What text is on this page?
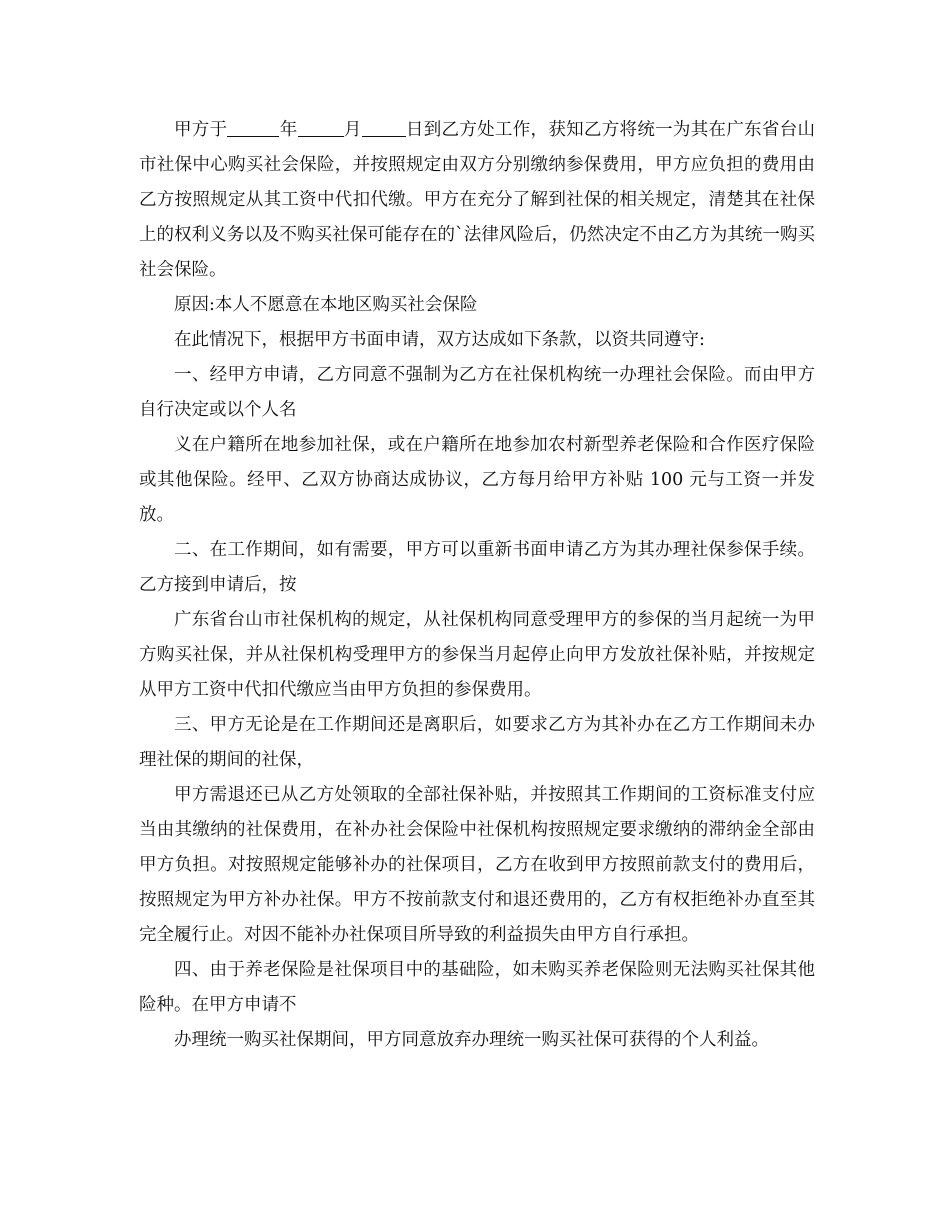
甲方于	年	月	日到乙方处工作，获知乙方将统一为其在广东省台山市社保中心购买社会保险，并按照规定由双方分别缴纳参保费用，甲方应负担的费用由乙方按照规定从其工资中代扣代缴。甲方在充分了解到社保的相关规定，清楚其在社保上的权利义务以及不购买社保可能存在的`法律风险后，仍然决定不由乙方为其统一购买社会保险。

原因:本人不愿意在本地区购买社会保险

在此情况下，根据甲方书面申请，双方达成如下条款，以资共同遵守:

一、经甲方申请，乙方同意不强制为乙方在社保机构统一办理社会保险。而由甲方自行决定或以个人名

义在户籍所在地参加社保，或在户籍所在地参加农村新型养老保险和合作医疗保险或其他保险。经甲、乙双方协商达成协议，乙方每月给甲方补贴 100 元与工资一并发放。

二、在工作期间，如有需要，甲方可以重新书面申请乙方为其办理社保参保手续。乙方接到申请后，按

广东省台山市社保机构的规定，从社保机构同意受理甲方的参保的当月起统一为甲方购买社保，并从社保机构受理甲方的参保当月起停止向甲方发放社保补贴，并按规定从甲方工资中代扣代缴应当由甲方负担的参保费用。

三、甲方无论是在工作期间还是离职后，如要求乙方为其补办在乙方工作期间未办理社保的期间的社保，

甲方需退还已从乙方处领取的全部社保补贴，并按照其工作期间的工资标准支付应当由其缴纳的社保费用，在补办社会保险中社保机构按照规定要求缴纳的滞纳金全部由甲方负担。对按照规定能够补办的社保项目，乙方在收到甲方按照前款支付的费用后，按照规定为甲方补办社保。甲方不按前款支付和退还费用的，乙方有权拒绝补办直至其完全履行止。对因不能补办社保项目所导致的利益损失由甲方自行承担。

四、由于养老保险是社保项目中的基础险，如未购买养老保险则无法购买社保其他险种。在甲方申请不

办理统一购买社保期间，甲方同意放弃办理统一购买社保可获得的个人利益。
